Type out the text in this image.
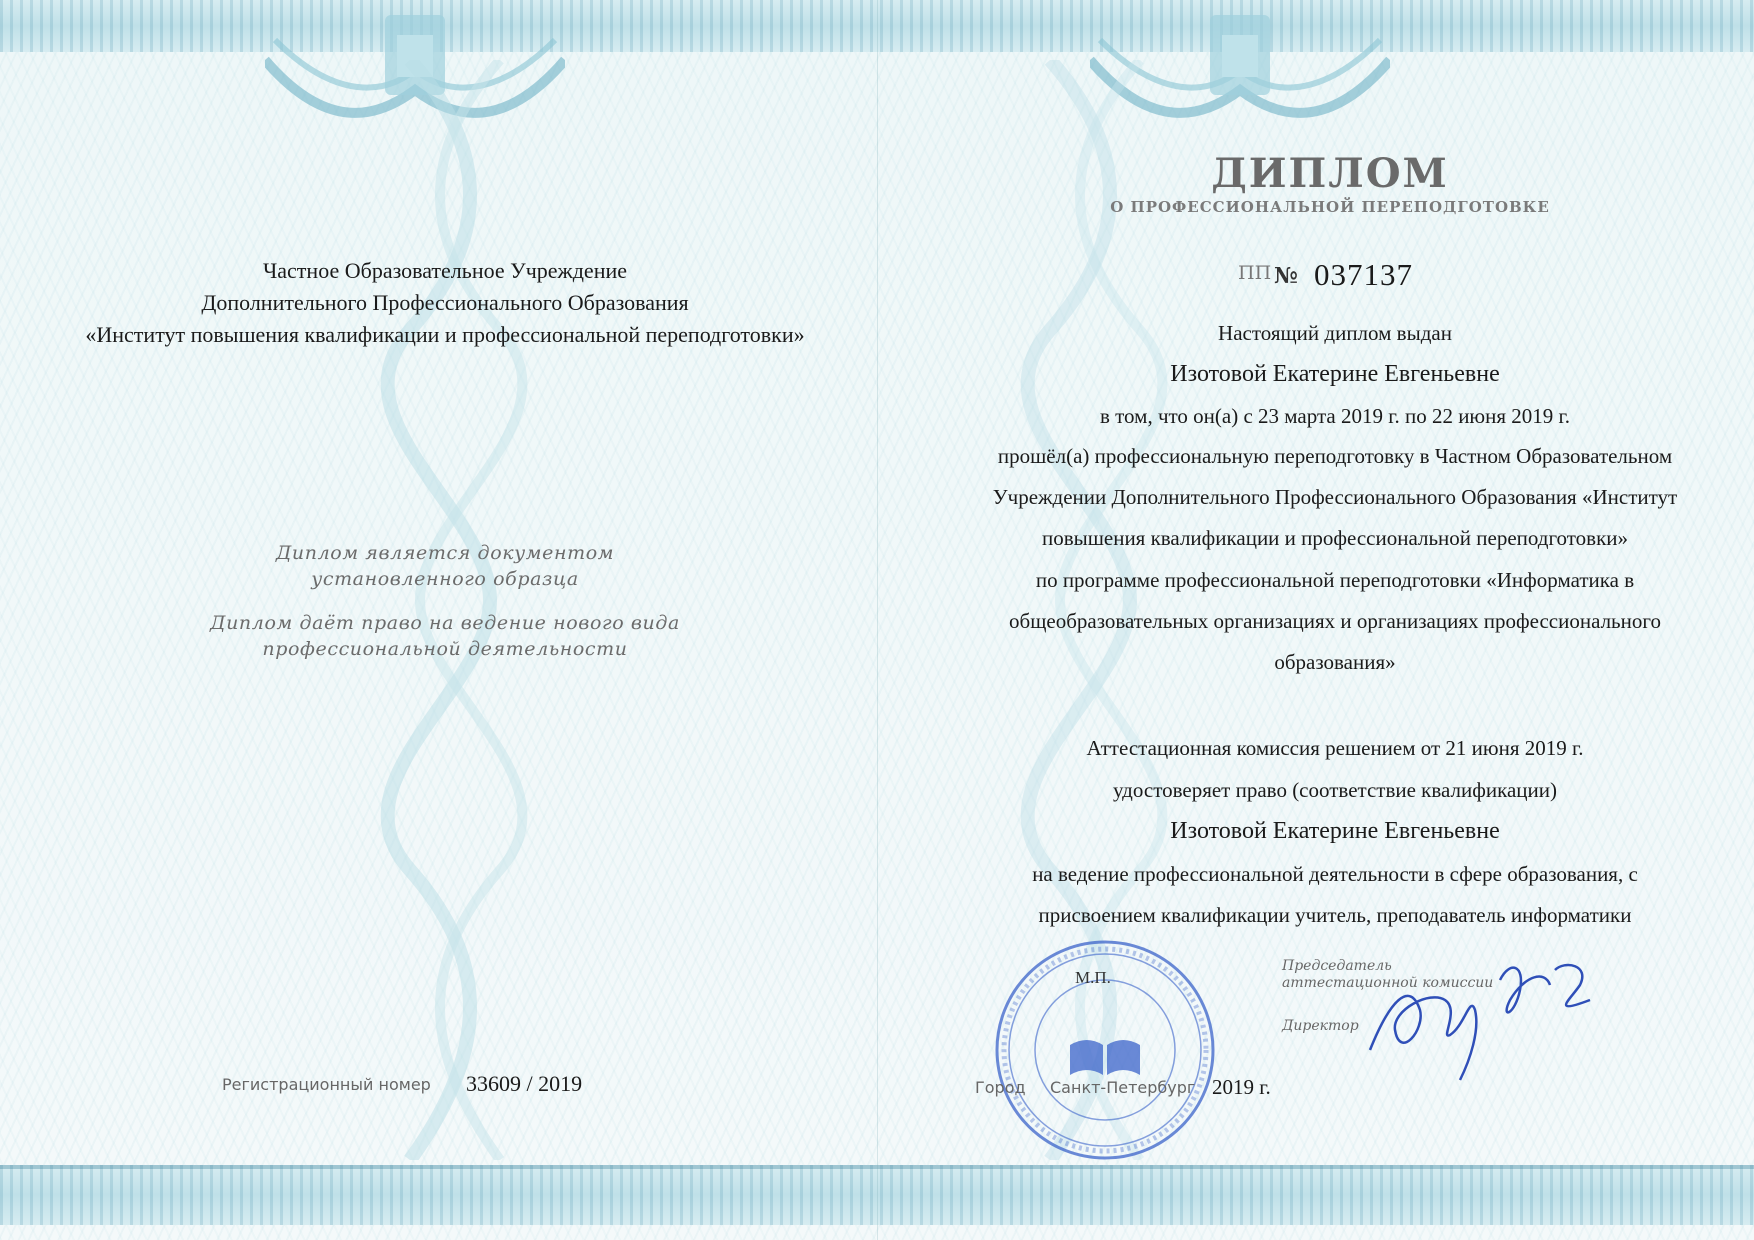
Частное Образовательное Учреждение
Дополнительного Профессионального Образования
«Институт повышения квалификации и профессиональной переподготовки»
Диплом является документом
установленного образца
Диплом даёт право на ведение нового вида
профессиональной деятельности
Регистрационный номер 33609 / 2019
ДИПЛОМ
О ПРОФЕССИОНАЛЬНОЙ ПЕРЕПОДГОТОВКЕ
ПП № 037137
Настоящий диплом выдан
Изотовой Екатерине Евгеньевне
в том, что он(а) с 23 марта 2019 г. по 22 июня 2019 г.
прошёл(а) профессиональную переподготовку в Частном Образовательном
Учреждении Дополнительного Профессионального Образования «Институт
повышения квалификации и профессиональной переподготовки»
по программе профессиональной переподготовки «Информатика в
общеобразовательных организациях и организациях профессионального
образования»
Аттестационная комиссия решением от 21 июня 2019 г.
удостоверяет право (соответствие квалификации)
Изотовой Екатерине Евгеньевне
на ведение профессиональной деятельности в сфере образования, с
присвоением квалификации учитель, преподаватель информатики
М.П.
Председатель
аттестационной комиссии
Директор
Город Санкт-Петербург 2019 г.
